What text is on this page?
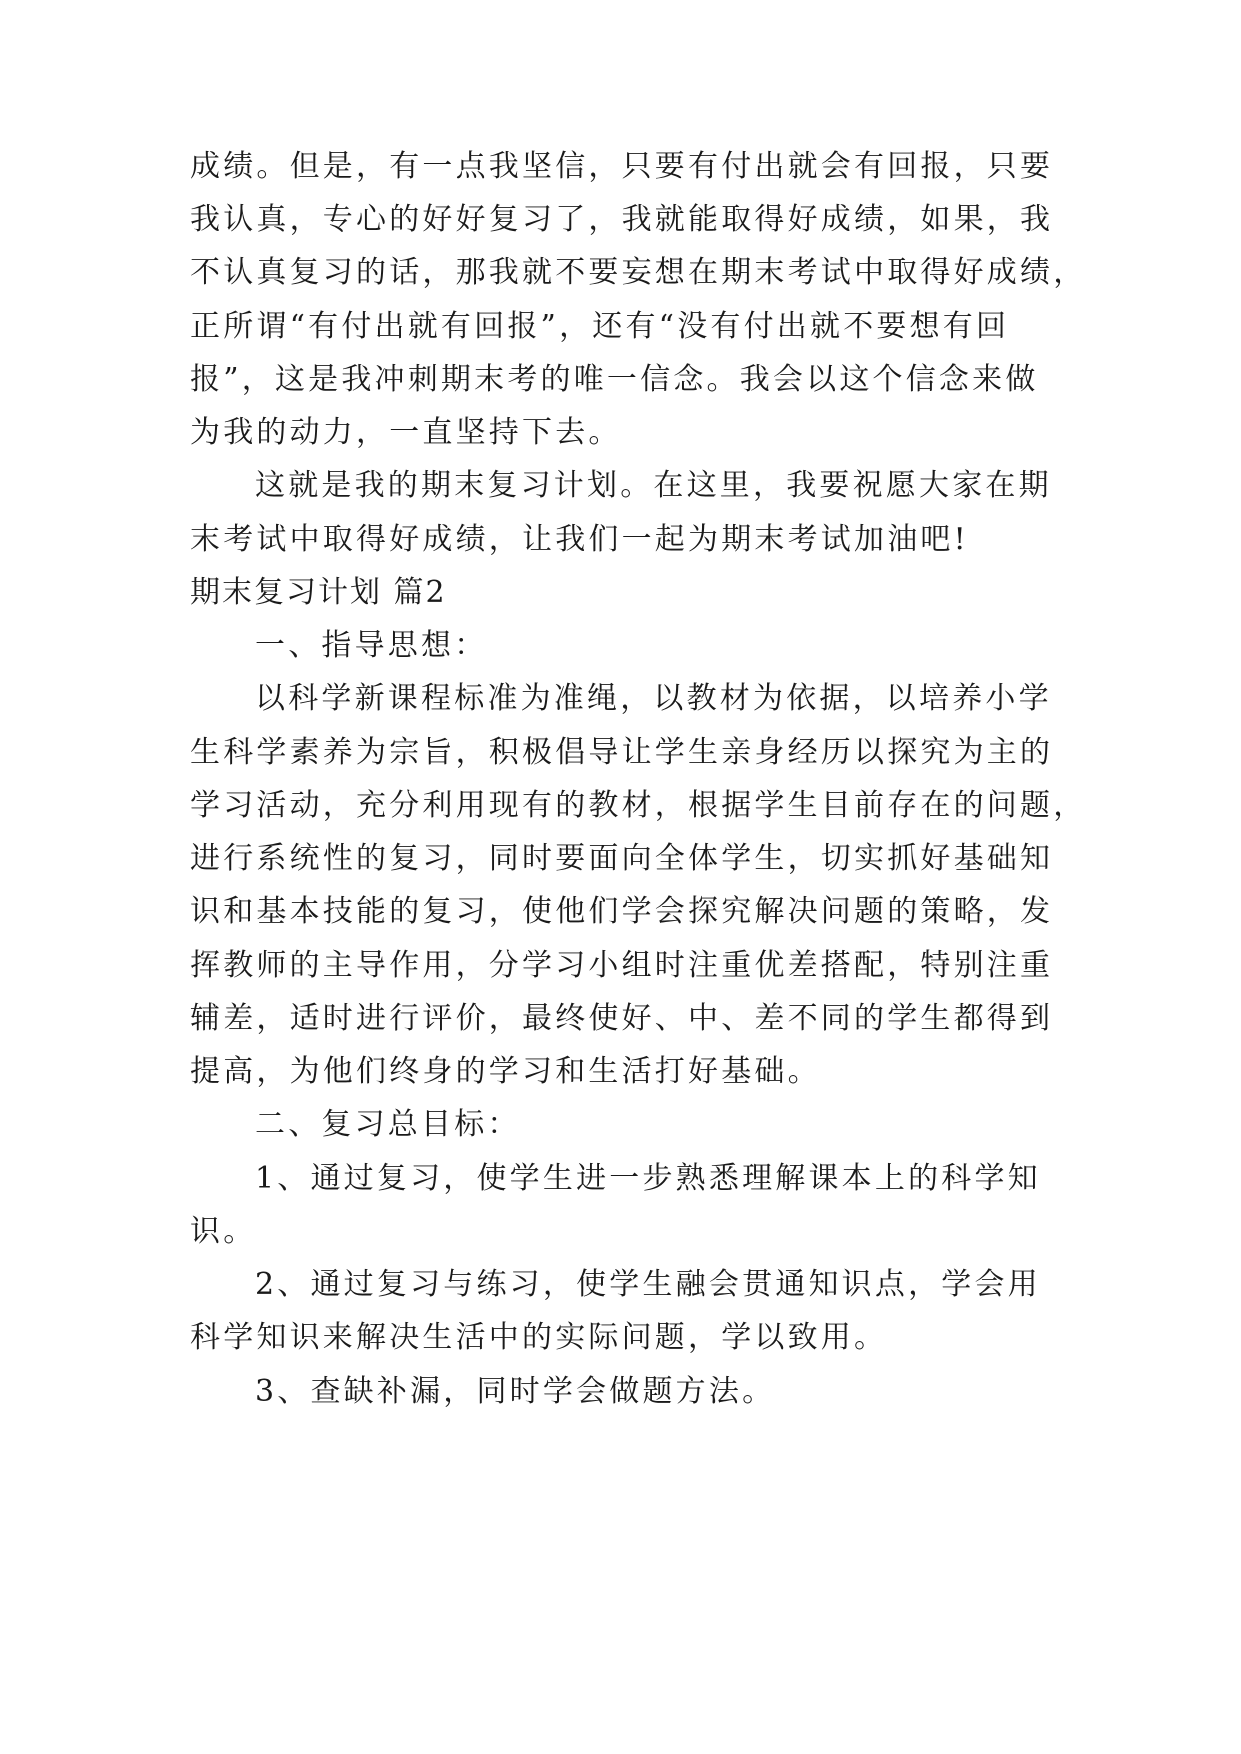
成绩。但是，有一点我坚信，只要有付出就会有回报，只要

我认真，专心的好好复习了，我就能取得好成绩，如果，我

不认真复习的话，那我就不要妄想在期末考试中取得好成绩，

正所谓“有付出就有回报”，还有“没有付出就不要想有回

报”，这是我冲刺期末考的唯一信念。我会以这个信念来做

为我的动力，一直坚持下去。

这就是我的期末复习计划。在这里，我要祝愿大家在期

末考试中取得好成绩，让我们一起为期末考试加油吧!

期末复习计划 篇2

一、指导思想：

以科学新课程标准为准绳，以教材为依据，以培养小学

生科学素养为宗旨，积极倡导让学生亲身经历以探究为主的

学习活动，充分利用现有的教材，根据学生目前存在的问题，

进行系统性的复习，同时要面向全体学生，切实抓好基础知

识和基本技能的复习，使他们学会探究解决问题的策略，发

挥教师的主导作用，分学习小组时注重优差搭配，特别注重

辅差，适时进行评价，最终使好、中、差不同的学生都得到

提高，为他们终身的学习和生活打好基础。

二、复习总目标：

1、通过复习，使学生进一步熟悉理解课本上的科学知

识。

2、通过复习与练习，使学生融会贯通知识点，学会用

科学知识来解决生活中的实际问题，学以致用。

3、查缺补漏，同时学会做题方法。
